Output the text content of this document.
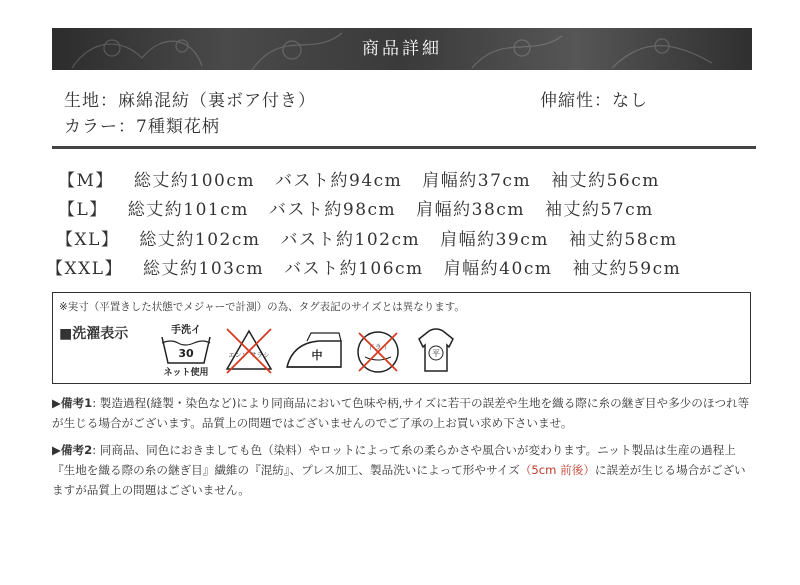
商品詳細
生地：麻綿混紡（裏ボア付き）	伸縮性：なし
カラー：7種類花柄
【M】 総丈約100cm バスト約94cm 肩幅約37cm 袖丈約56cm
【L】 総丈約101cm バスト約98cm 肩幅約38cm 袖丈約57cm
【XL】 総丈約102cm バスト約102cm 肩幅約39cm 袖丈約58cm
【XXL】 総丈約103cm バスト約106cm 肩幅約40cm 袖丈約59cm
※実寸（平置きした状態でメジャーで計測）の為、タグ表記のサイズとは異なります。
■洗濯表示	手洗イ
30
ネット使用
エンソ サラシ	中
ドライ
平
▶備考1: 製造過程(縫製・染色など)により同商品において色味や柄,サイズに若干の誤差や生地を織る際に糸の継ぎ目や多少のほつれ等が生じる場合がございます。品質上の問題ではございませんのでご了承の上お買い求め下さいませ。
▶備考2: 同商品、同色におきましても色（染料）やロットによって糸の柔らかさや風合いが変わります。ニット製品は生産の過程上『生地を織る際の糸の継ぎ目』繊維の『混紡』、プレス加工、製品洗いによって形やサイズ（5cm 前後）に誤差が生じる場合がございますが品質上の問題はございません。
